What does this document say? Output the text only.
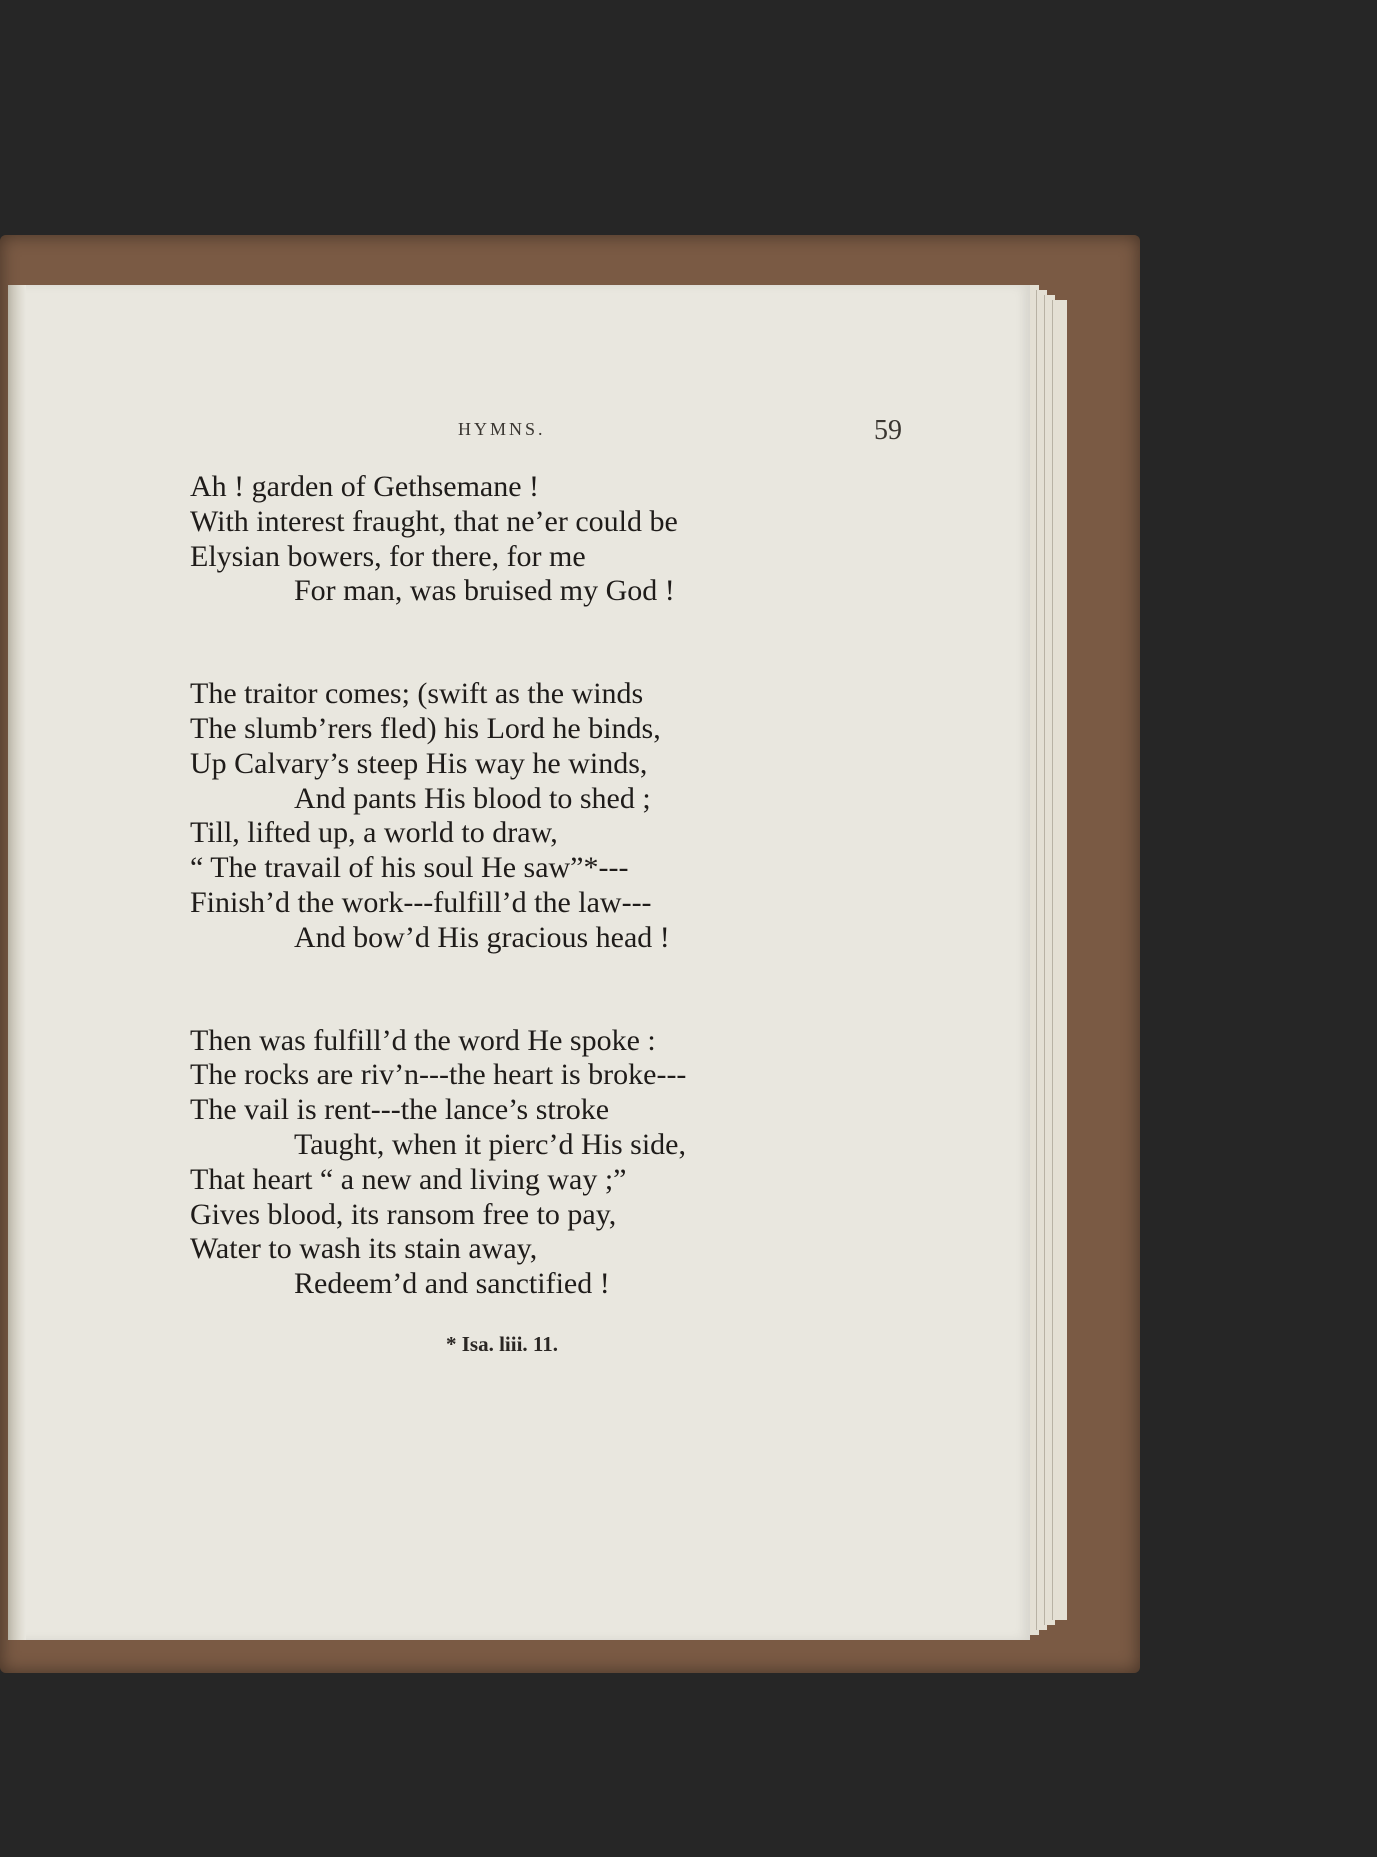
HYMNS.	59
Ah ! garden of Gethsemane !
With interest fraught, that ne’er could be
Elysian bowers, for there, for me
For man, was bruised my God !
The traitor comes; (swift as the winds
The slumb’rers fled) his Lord he binds,
Up Calvary’s steep His way he winds,
And pants His blood to shed ;
Till, lifted up, a world to draw,
“ The travail of his soul He saw”*---
Finish’d the work---fulfill’d the law---
And bow’d His gracious head !
Then was fulfill’d the word He spoke :
The rocks are riv’n---the heart is broke---
The vail is rent---the lance’s stroke
Taught, when it pierc’d His side,
That heart “ a new and living way ;”
Gives blood, its ransom free to pay,
Water to wash its stain away,
Redeem’d and sanctified !
* Isa. liii. 11.
